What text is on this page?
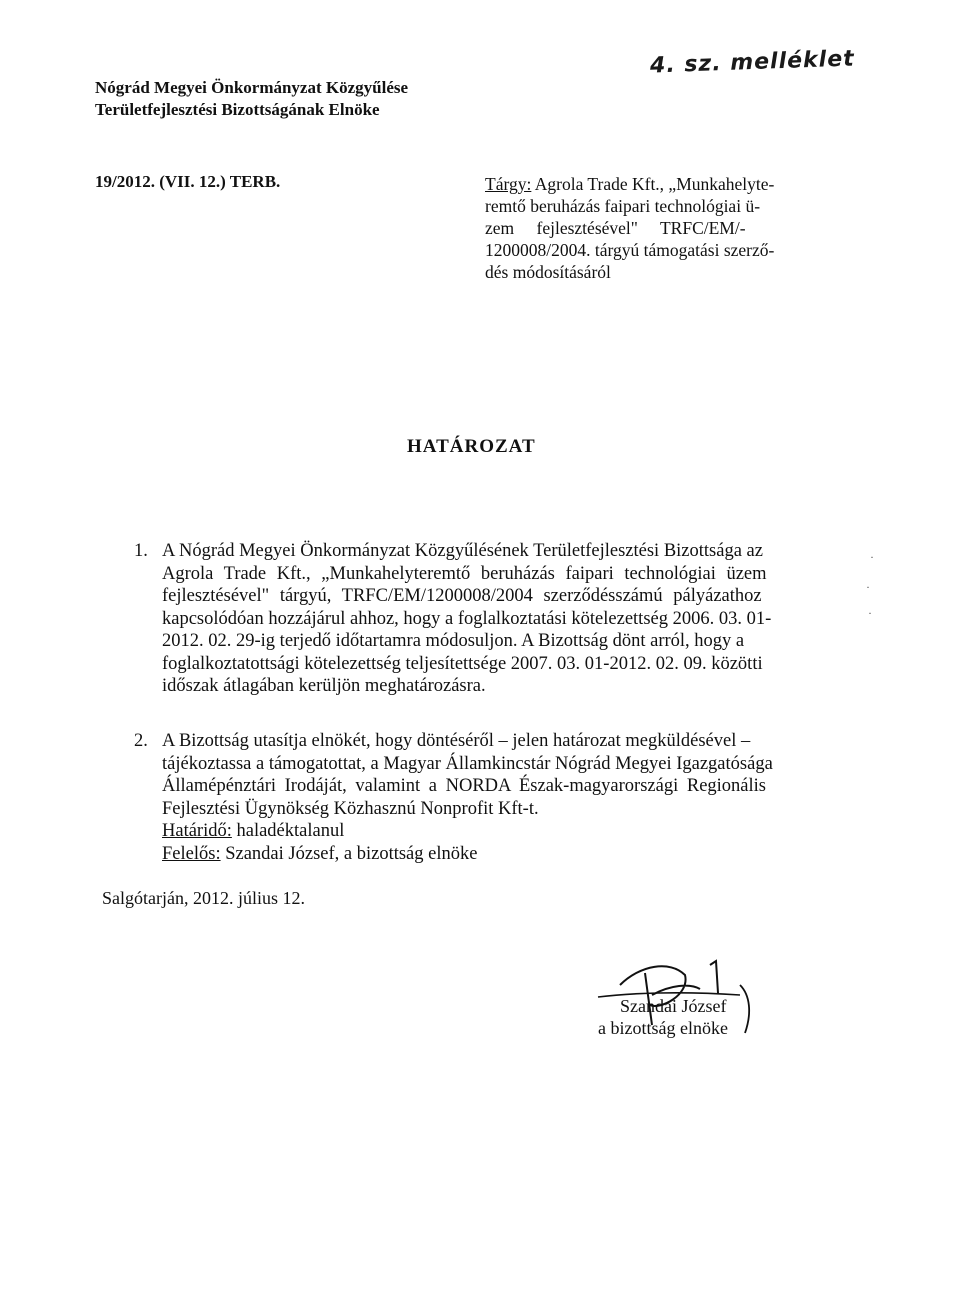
Nógrád Megyei Önkormányzat Közgyűlése
Területfejlesztési Bizottságának Elnöke
4. sz. melléklet
19/2012. (VII. 12.) TERB.	Tárgy: Agrola Trade Kft., „Munkahelyte-
remtő beruházás faipari technológiai ü-
zem fejlesztésével" TRFC/EM/-
1200008/2004. tárgyú támogatási szerző-
dés módosításáról
HATÁROZAT
1. A Nógrád Megyei Önkormányzat Közgyűlésének Területfejlesztési Bizottsága az
Agrola Trade Kft., „Munkahelyteremtő beruházás faipari technológiai üzem
fejlesztésével" tárgyú, TRFC/EM/1200008/2004 szerződésszámú pályázathoz
kapcsolódóan hozzájárul ahhoz, hogy a foglalkoztatási kötelezettség 2006. 03. 01-
2012. 02. 29-ig terjedő időtartamra módosuljon. A Bizottság dönt arról, hogy a
foglalkoztatottsági kötelezettség teljesítettsége 2007. 03. 01-2012. 02. 09. közötti
időszak átlagában kerüljön meghatározásra.
2. A Bizottság utasítja elnökét, hogy döntéséről – jelen határozat megküldésével –
tájékoztassa a támogatottat, a Magyar Államkincstár Nógrád Megyei Igazgatósága
Államépénztári Irodáját, valamint a NORDA Észak-magyarországi Regionális
Fejlesztési Ügynökség Közhasznú Nonprofit Kft-t.
Határidő: haladéktalanul
Felelős: Szandai József, a bizottság elnöke
Salgótarján, 2012. július 12.
Szandai József
a bizottság elnöke
·
·
·
